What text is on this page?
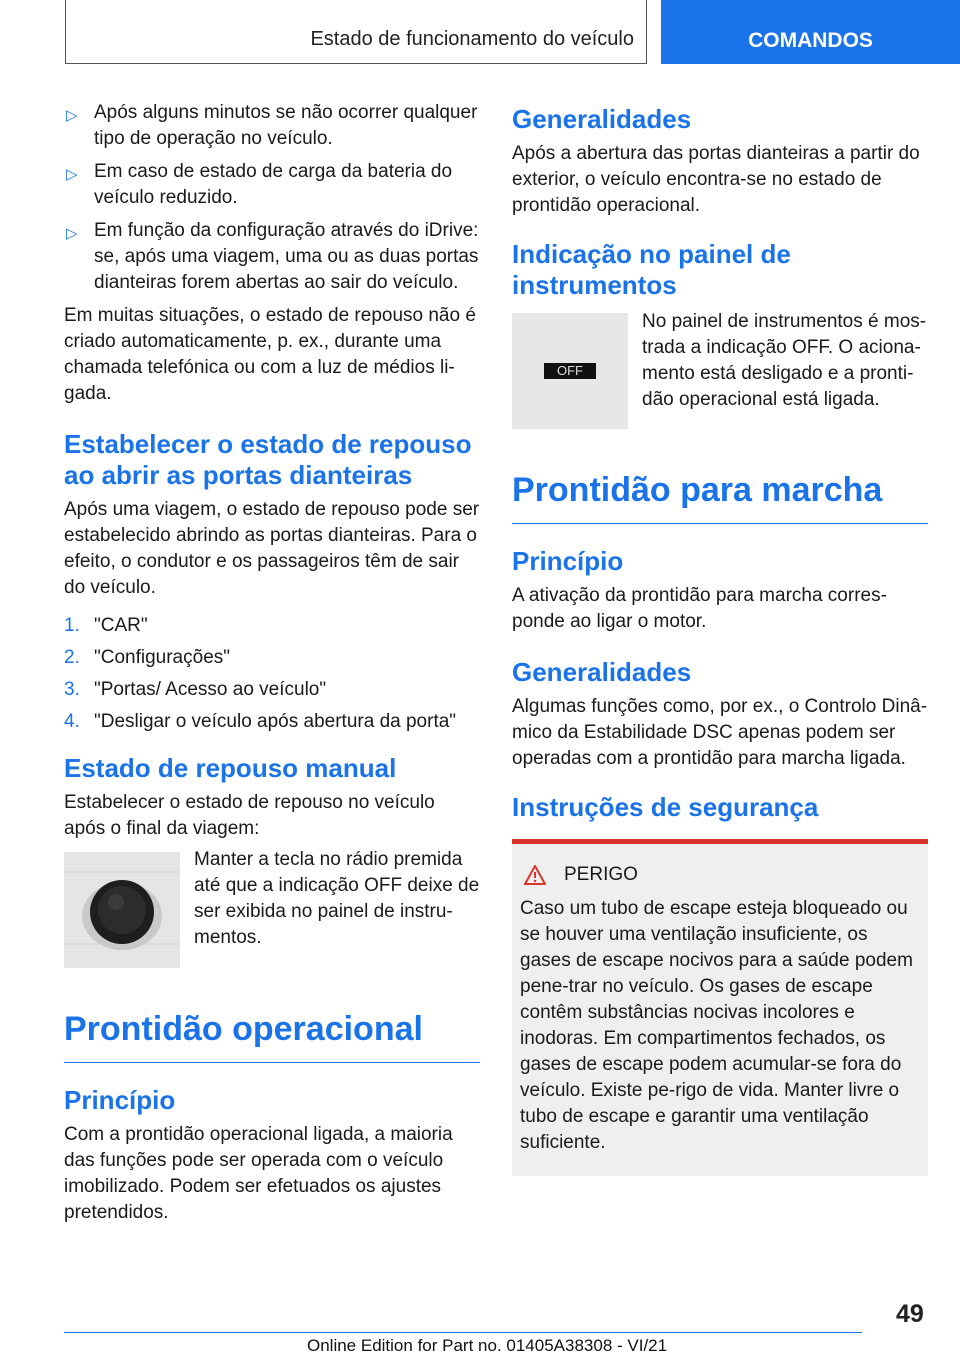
Estado de funcionamento do veículo	COMANDOS
▷ Após alguns minutos se não ocorrer qualquer tipo de operação no veículo.
▷ Em caso de estado de carga da bateria do veículo reduzido.
▷ Em função da configuração através do iDrive: se, após uma viagem, uma ou as duas portas dianteiras forem abertas ao sair do veículo.

Em muitas situações, o estado de repouso não é criado automaticamente, p. ex., durante uma chamada telefónica ou com a luz de médios li-gada.

Estabelecer o estado de repouso ao abrir as portas dianteiras

Após uma viagem, o estado de repouso pode ser estabelecido abrindo as portas dianteiras. Para o efeito, o condutor e os passageiros têm de sair do veículo.

1. "CAR"
2. "Configurações"
3. "Portas/ Acesso ao veículo"
4. "Desligar o veículo após abertura da porta"
Estado de repouso manual

Estabelecer o estado de repouso no veículo após o final da viagem:

Manter a tecla no rádio premida até que a indicação OFF deixe de ser exibida no painel de instru-mentos.

Prontidão operacional
Princípio

Com a prontidão operacional ligada, a maioria das funções pode ser operada com o veículo imobilizado. Podem ser efetuados os ajustes pretendidos.

Generalidades

Após a abertura das portas dianteiras a partir do exterior, o veículo encontra-se no estado de prontidão operacional.

Indicação no painel de instrumentos
OFF

No painel de instrumentos é mos-trada a indicação OFF. O aciona-mento está desligado e a pronti-dão operacional está ligada.

Prontidão para marcha
Princípio

A ativação da prontidão para marcha corres-ponde ao ligar o motor.

Generalidades

Algumas funções como, por ex., o Controlo Dinâ-mico da Estabilidade DSC apenas podem ser operadas com a prontidão para marcha ligada.

Instruções de segurança
PERIGO

Caso um tubo de escape esteja bloqueado ou se houver uma ventilação insuficiente, os gases de escape nocivos para a saúde podem pene-trar no veículo. Os gases de escape contêm substâncias nocivas incolores e inodoras. Em compartimentos fechados, os gases de escape podem acumular-se fora do veículo. Existe pe-rigo de vida. Manter livre o tubo de escape e garantir uma ventilação suficiente.

49
Online Edition for Part no. 01405A38308 - VI/21
